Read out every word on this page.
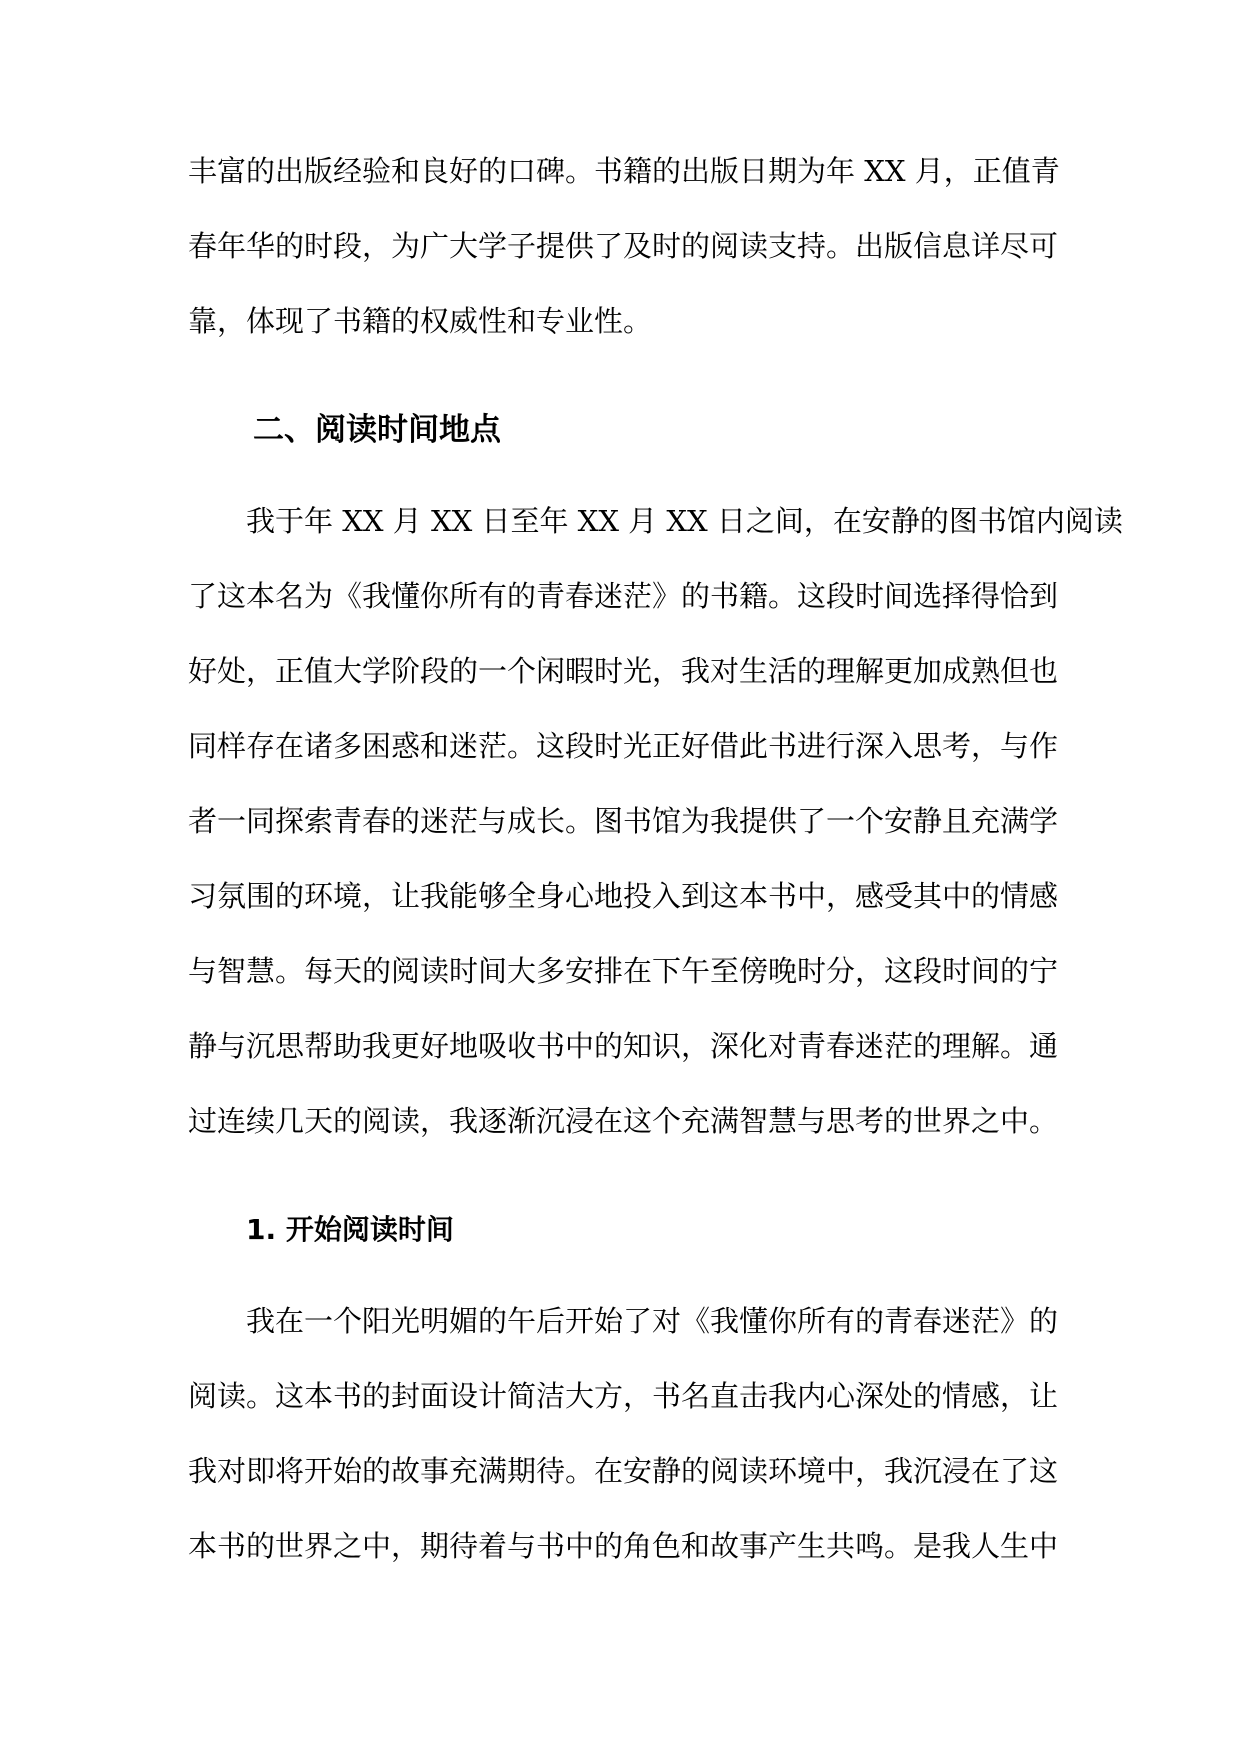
丰富的出版经验和良好的口碑。书籍的出版日期为年 XX 月，正值青

春年华的时段，为广大学子提供了及时的阅读支持。出版信息详尽可

靠，体现了书籍的权威性和专业性。

二、阅读时间地点

我于年 XX 月 XX 日至年 XX 月 XX 日之间，在安静的图书馆内阅读

了这本名为《我懂你所有的青春迷茫》的书籍。这段时间选择得恰到

好处，正值大学阶段的一个闲暇时光，我对生活的理解更加成熟但也

同样存在诸多困惑和迷茫。这段时光正好借此书进行深入思考，与作

者一同探索青春的迷茫与成长。图书馆为我提供了一个安静且充满学

习氛围的环境，让我能够全身心地投入到这本书中，感受其中的情感

与智慧。每天的阅读时间大多安排在下午至傍晚时分，这段时间的宁

静与沉思帮助我更好地吸收书中的知识，深化对青春迷茫的理解。通

过连续几天的阅读，我逐渐沉浸在这个充满智慧与思考的世界之中。

1. 开始阅读时间

我在一个阳光明媚的午后开始了对《我懂你所有的青春迷茫》的

阅读。这本书的封面设计简洁大方，书名直击我内心深处的情感，让

我对即将开始的故事充满期待。在安静的阅读环境中，我沉浸在了这

本书的世界之中，期待着与书中的角色和故事产生共鸣。是我人生中
